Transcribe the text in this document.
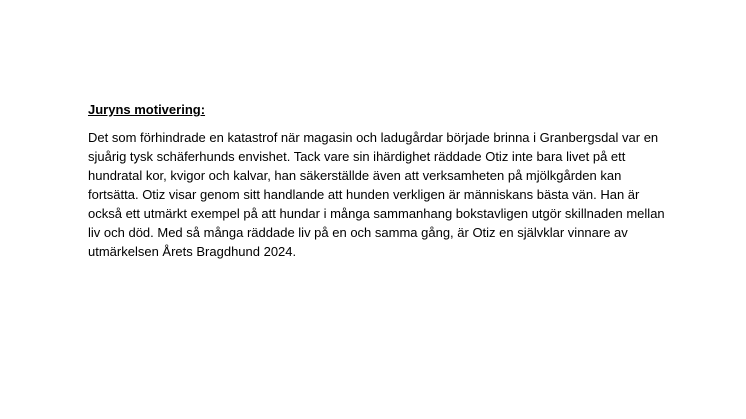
Juryns motivering:

Det som förhindrade en katastrof när magasin och ladugårdar började brinna i Granbergsdal var en
sjuårig tysk schäferhunds envishet. Tack vare sin ihärdighet räddade Otiz inte bara livet på ett
hundratal kor, kvigor och kalvar, han säkerställde även att verksamheten på mjölkgården kan
fortsätta. Otiz visar genom sitt handlande att hunden verkligen är människans bästa vän. Han är
också ett utmärkt exempel på att hundar i många sammanhang bokstavligen utgör skillnaden mellan
liv och död. Med så många räddade liv på en och samma gång, är Otiz en självklar vinnare av
utmärkelsen Årets Bragdhund 2024.
